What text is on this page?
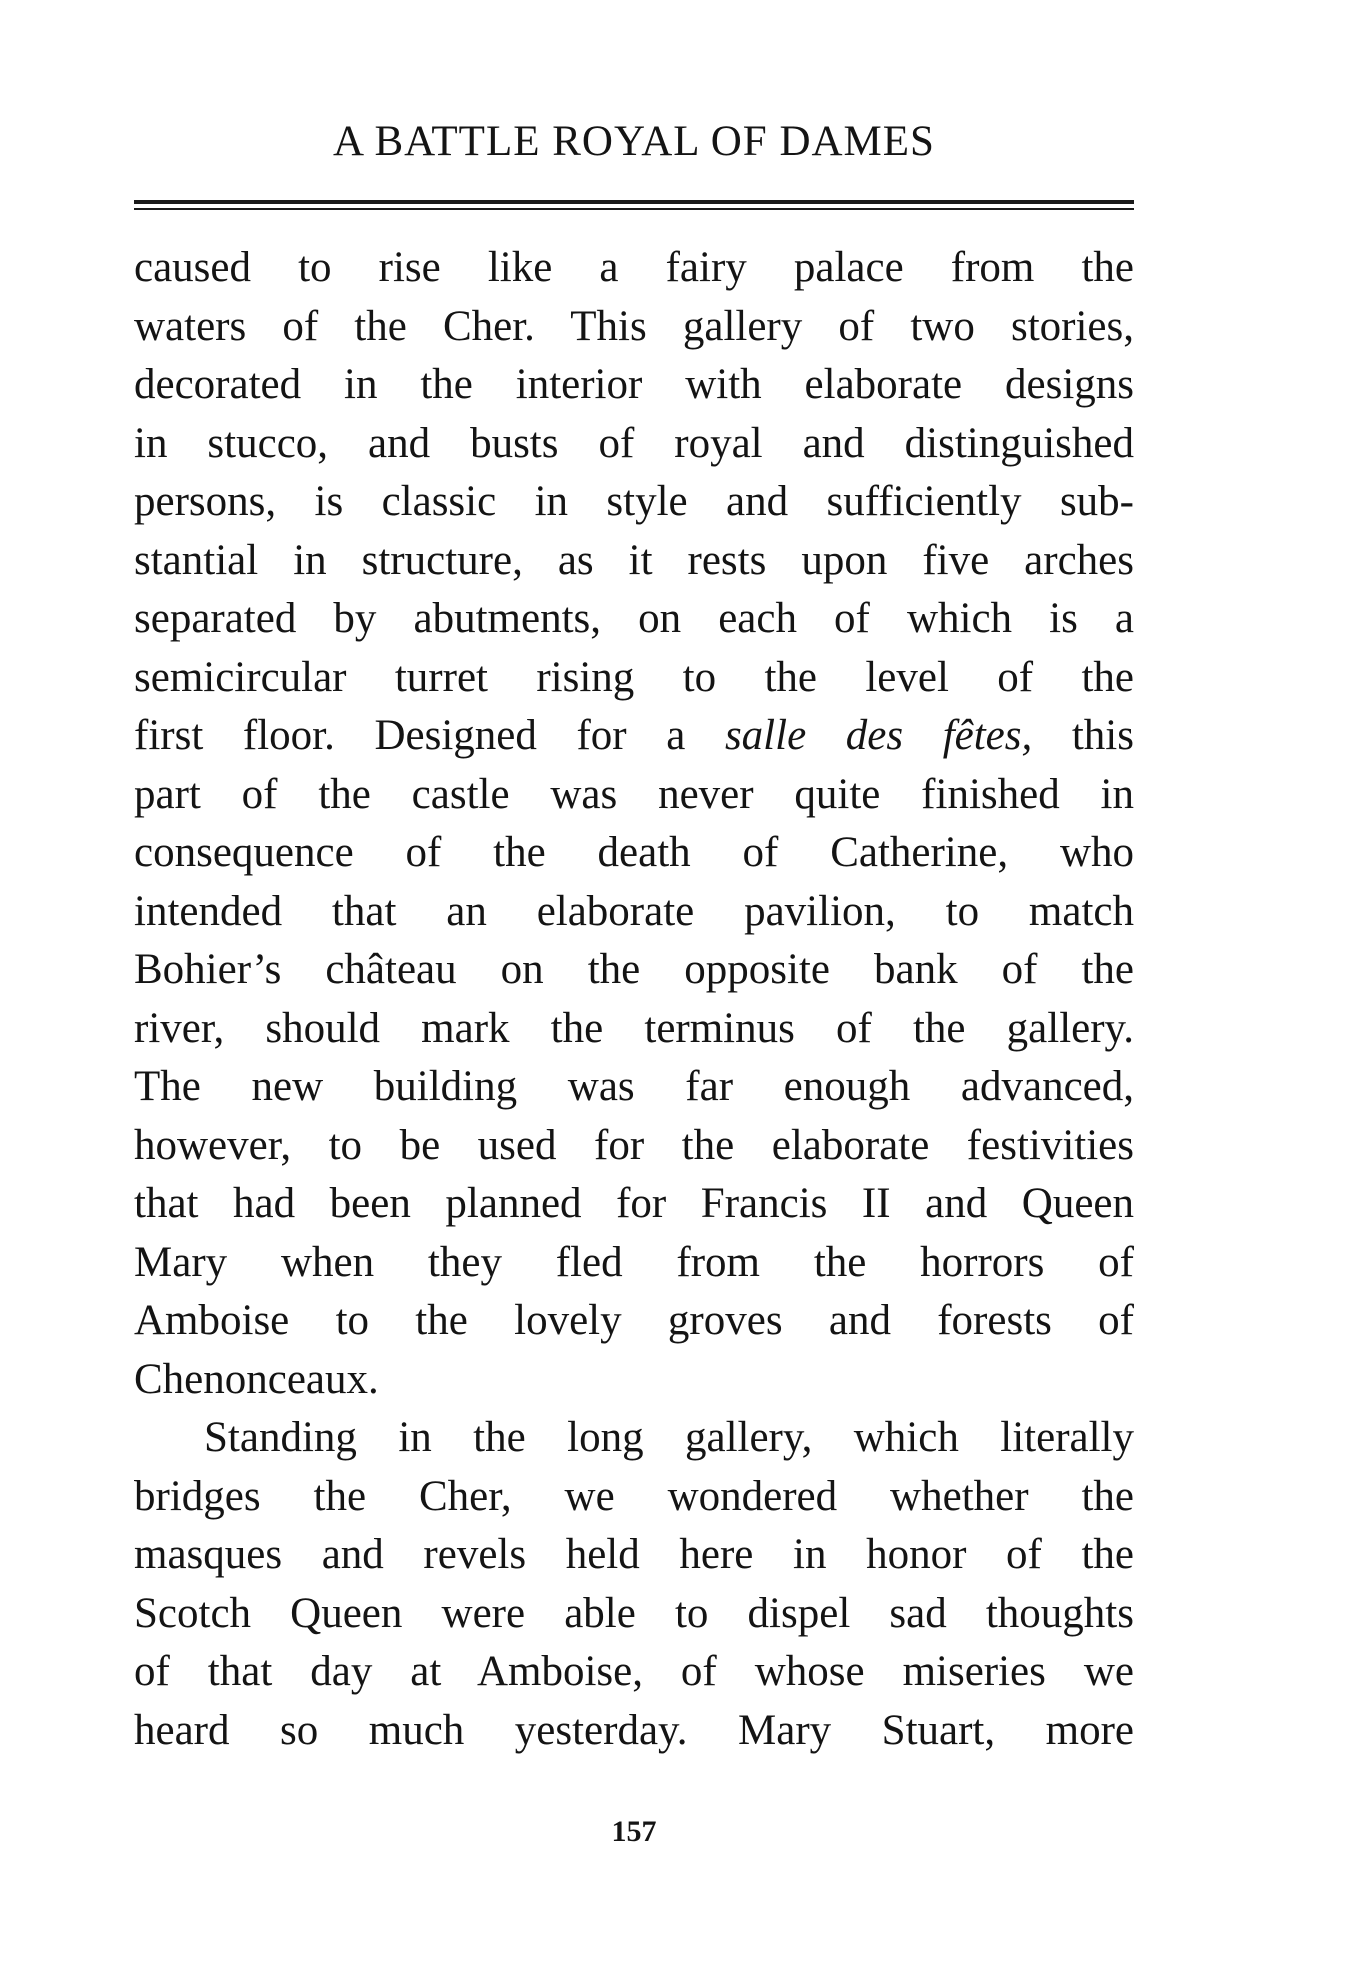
A BATTLE ROYAL OF DAMES
caused to rise like a fairy palace from the
waters of the Cher. This gallery of two stories,
decorated in the interior with elaborate designs
in stucco, and busts of royal and distinguished
persons, is classic in style and sufficiently sub-
stantial in structure, as it rests upon five arches
separated by abutments, on each of which is a
semicircular turret rising to the level of the
first floor. Designed for a salle des fêtes, this
part of the castle was never quite finished in
consequence of the death of Catherine, who
intended that an elaborate pavilion, to match
Bohier’s château on the opposite bank of the
river, should mark the terminus of the gallery.
The new building was far enough advanced,
however, to be used for the elaborate festivities
that had been planned for Francis II and Queen
Mary when they fled from the horrors of
Amboise to the lovely groves and forests of
Chenonceaux.
Standing in the long gallery, which literally
bridges the Cher, we wondered whether the
masques and revels held here in honor of the
Scotch Queen were able to dispel sad thoughts
of that day at Amboise, of whose miseries we
heard so much yesterday. Mary Stuart, more
157
